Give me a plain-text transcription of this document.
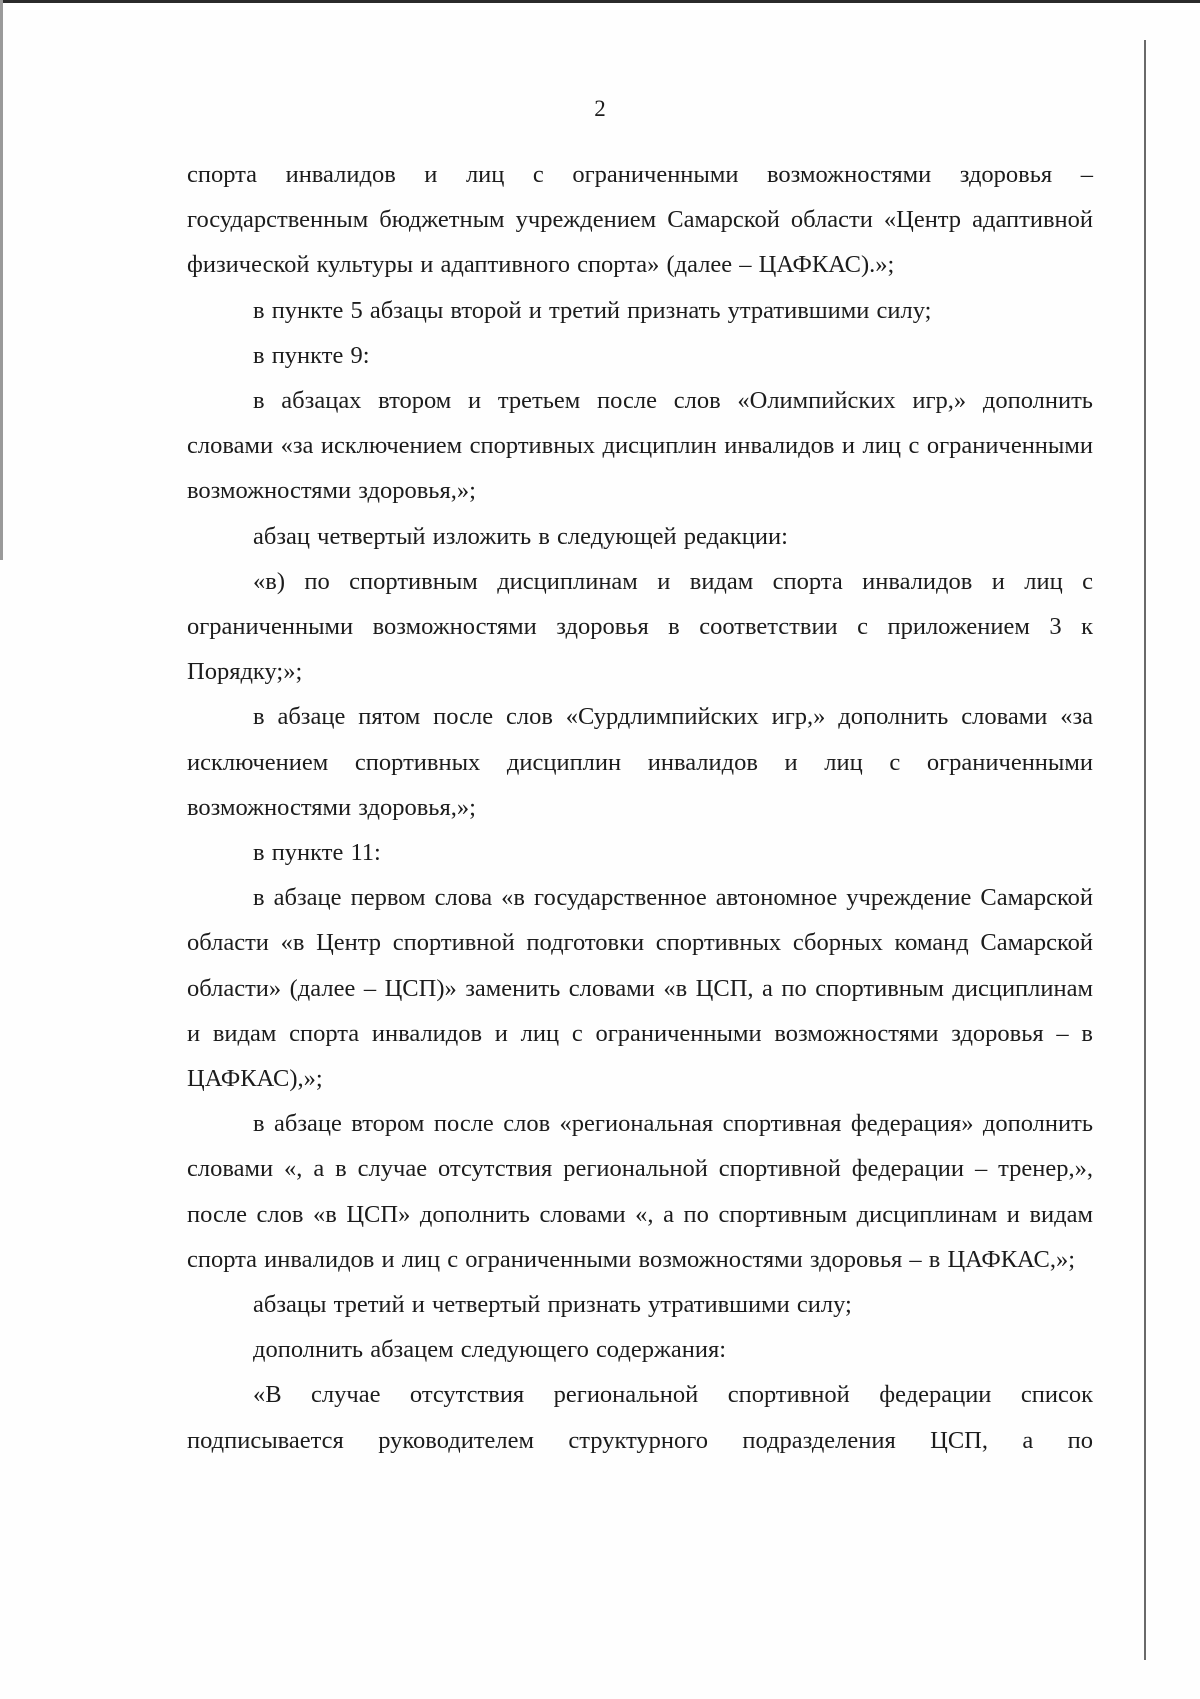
2

спорта инвалидов и лиц с ограниченными возможностями здоровья – государственным бюджетным учреждением Самарской области «Центр адаптивной физической культуры и адаптивного спорта» (далее – ЦАФКАС).»;

в пункте 5 абзацы второй и третий признать утратившими силу;

в пункте 9:

в абзацах втором и третьем после слов «Олимпийских игр,» дополнить словами «за исключением спортивных дисциплин инвалидов и лиц с ограниченными возможностями здоровья,»;

абзац четвертый изложить в следующей редакции:

«в) по спортивным дисциплинам и видам спорта инвалидов и лиц с ограниченными возможностями здоровья в соответствии с приложением 3 к Порядку;»;

в абзаце пятом после слов «Сурдлимпийских игр,» дополнить словами «за исключением спортивных дисциплин инвалидов и лиц с ограниченными возможностями здоровья,»;

в пункте 11:

в абзаце первом слова «в государственное автономное учреждение Самарской области «в Центр спортивной подготовки спортивных сборных команд Самарской области» (далее – ЦСП)» заменить словами «в ЦСП, а по спортивным дисциплинам и видам спорта инвалидов и лиц с ограниченными возможностями здоровья – в ЦАФКАС),»;

в абзаце втором после слов «региональная спортивная федерация» дополнить словами «, а в случае отсутствия региональной спортивной федерации – тренер,», после слов «в ЦСП» дополнить словами «, а по спортивным дисциплинам и видам спорта инвалидов и лиц с ограниченными возможностями здоровья – в ЦАФКАС,»;

абзацы третий и четвертый признать утратившими силу;

дополнить абзацем следующего содержания:

«В случае отсутствия региональной спортивной федерации список подписывается руководителем структурного подразделения ЦСП, а по
